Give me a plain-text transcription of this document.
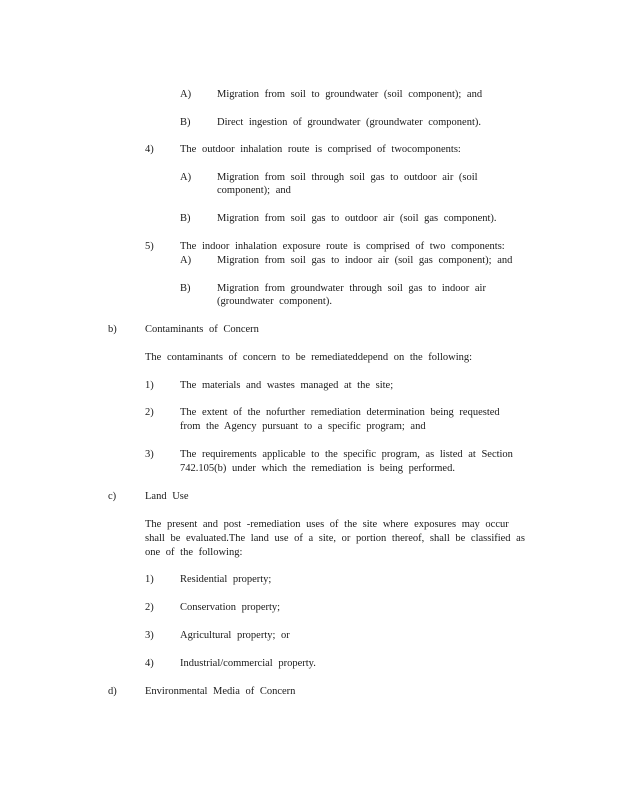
A) Migration from soil to groundwater (soil component); and
B)	Direct ingestion of groundwater (groundwater component).
4)	The outdoor inhalation route is comprised of twocomponents:
A) Migration from soil through soil gas to outdoor air (soil
component); and
B)	Migration from soil gas to outdoor air (soil gas component).
5)	The indoor inhalation exposure route is comprised of two components:
A) Migration from soil gas to indoor air (soil gas component); and
B)	Migration from groundwater through soil gas to indoor air
(groundwater component).
b)	Contaminants of Concern
The contaminants of concern to be remediateddepend on the following:
1)	The materials and wastes managed at the site;
2)	The extent of the nofurther remediation determination being requested
from the Agency pursuant to a specific program; and
3)	The requirements applicable to the specific program, as listed at Section
742.105(b) under which the remediation is being performed.
c)	Land Use
The present and post -remediation uses of the site where exposures may occur
shall be evaluated.The land use of a site, or portion thereof, shall be classified as
one of the following:
1)	Residential property;
2)	Conservation property;
3)	Agricultural property; or
4)	Industrial/commercial property.
d)	Environmental Media of Concern
